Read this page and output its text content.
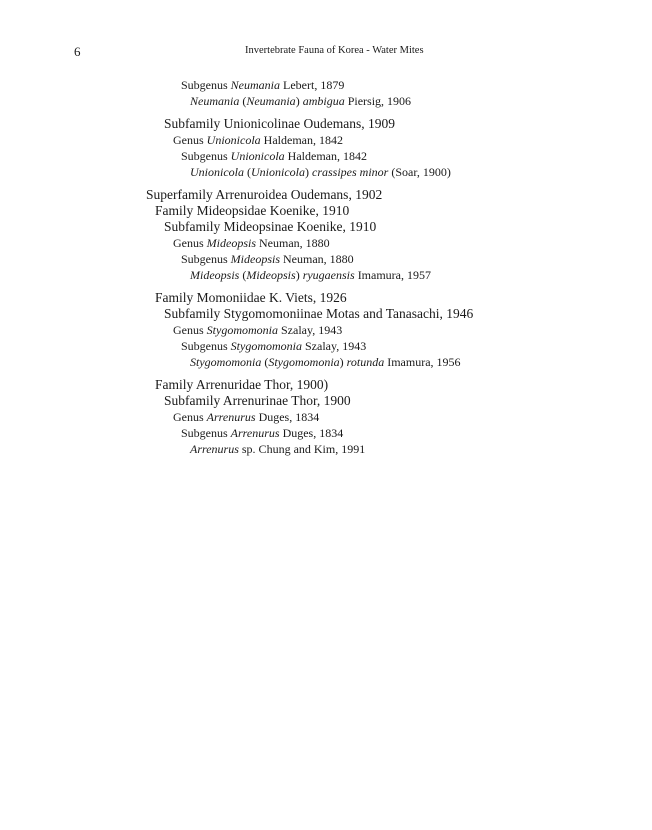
6	Invertebrate Fauna of Korea - Water Mites
Subgenus Neumania Lebert, 1879
Neumania (Neumania) ambigua Piersig, 1906
Subfamily Unionicolinae Oudemans, 1909
Genus Unionicola Haldeman, 1842
Subgenus Unionicola Haldeman, 1842
Unionicola (Unionicola) crassipes minor (Soar, 1900)
Superfamily Arrenuroidea Oudemans, 1902
Family Mideopsidae Koenike, 1910
Subfamily Mideopsinae Koenike, 1910
Genus Mideopsis Neuman, 1880
Subgenus Mideopsis Neuman, 1880
Mideopsis (Mideopsis) ryugaensis Imamura, 1957
Family Momoniidae K. Viets, 1926
Subfamily Stygomomoniinae Motas and Tanasachi, 1946
Genus Stygomomonia Szalay, 1943
Subgenus Stygomomonia Szalay, 1943
Stygomomonia (Stygomomonia) rotunda Imamura, 1956
Family Arrenuridae Thor, 1900)
Subfamily Arrenurinae Thor, 1900
Genus Arrenurus Duges, 1834
Subgenus Arrenurus Duges, 1834
Arrenurus sp. Chung and Kim, 1991
